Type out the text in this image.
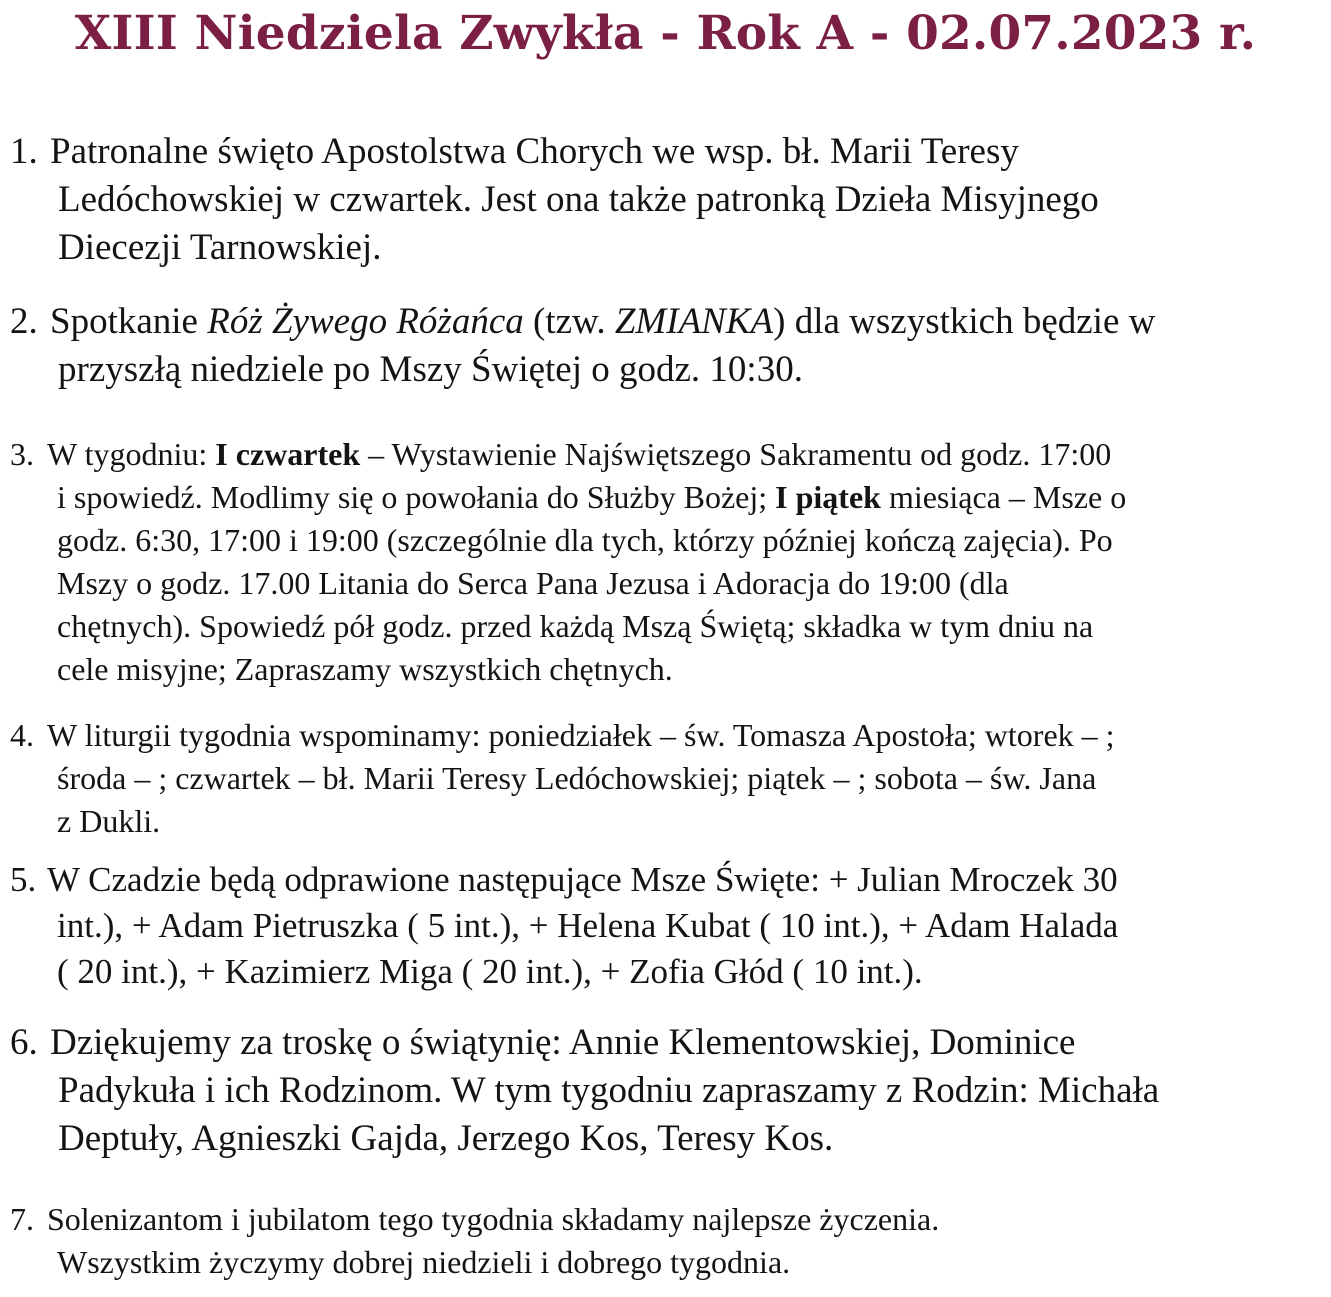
XIII Niedziela Zwykła - Rok A - 02.07.2023 r.
1. Patronalne święto Apostolstwa Chorych we wsp. bł. Marii Teresy
Ledóchowskiej w czwartek. Jest ona także patronką Dzieła Misyjnego
Diecezji Tarnowskiej.
2. Spotkanie Róż Żywego Różańca (tzw. ZMIANKA) dla wszystkich będzie w
przyszłą niedziele po Mszy Świętej o godz. 10:30.
3. W tygodniu: I czwartek – Wystawienie Najświętszego Sakramentu od godz. 17:00
i spowiedź. Modlimy się o powołania do Służby Bożej; I piątek miesiąca – Msze o
godz. 6:30, 17:00 i 19:00 (szczególnie dla tych, którzy później kończą zajęcia). Po
Mszy o godz. 17.00 Litania do Serca Pana Jezusa i Adoracja do 19:00 (dla
chętnych). Spowiedź pół godz. przed każdą Mszą Świętą; składka w tym dniu na
cele misyjne; Zapraszamy wszystkich chętnych.
4. W liturgii tygodnia wspominamy: poniedziałek – św. Tomasza Apostoła; wtorek – ;
środa – ; czwartek – bł. Marii Teresy Ledóchowskiej; piątek – ; sobota – św. Jana
z Dukli.
5. W Czadzie będą odprawione następujące Msze Święte: + Julian Mroczek 30
int.), + Adam Pietruszka ( 5 int.), + Helena Kubat ( 10 int.), + Adam Halada
( 20 int.), + Kazimierz Miga ( 20 int.), + Zofia Głód ( 10 int.).
6. Dziękujemy za troskę o świątynię: Annie Klementowskiej, Dominice
Padykuła i ich Rodzinom. W tym tygodniu zapraszamy z Rodzin: Michała
Deptuły, Agnieszki Gajda, Jerzego Kos, Teresy Kos.
7. Solenizantom i jubilatom tego tygodnia składamy najlepsze życzenia.
Wszystkim życzymy dobrej niedzieli i dobrego tygodnia.
